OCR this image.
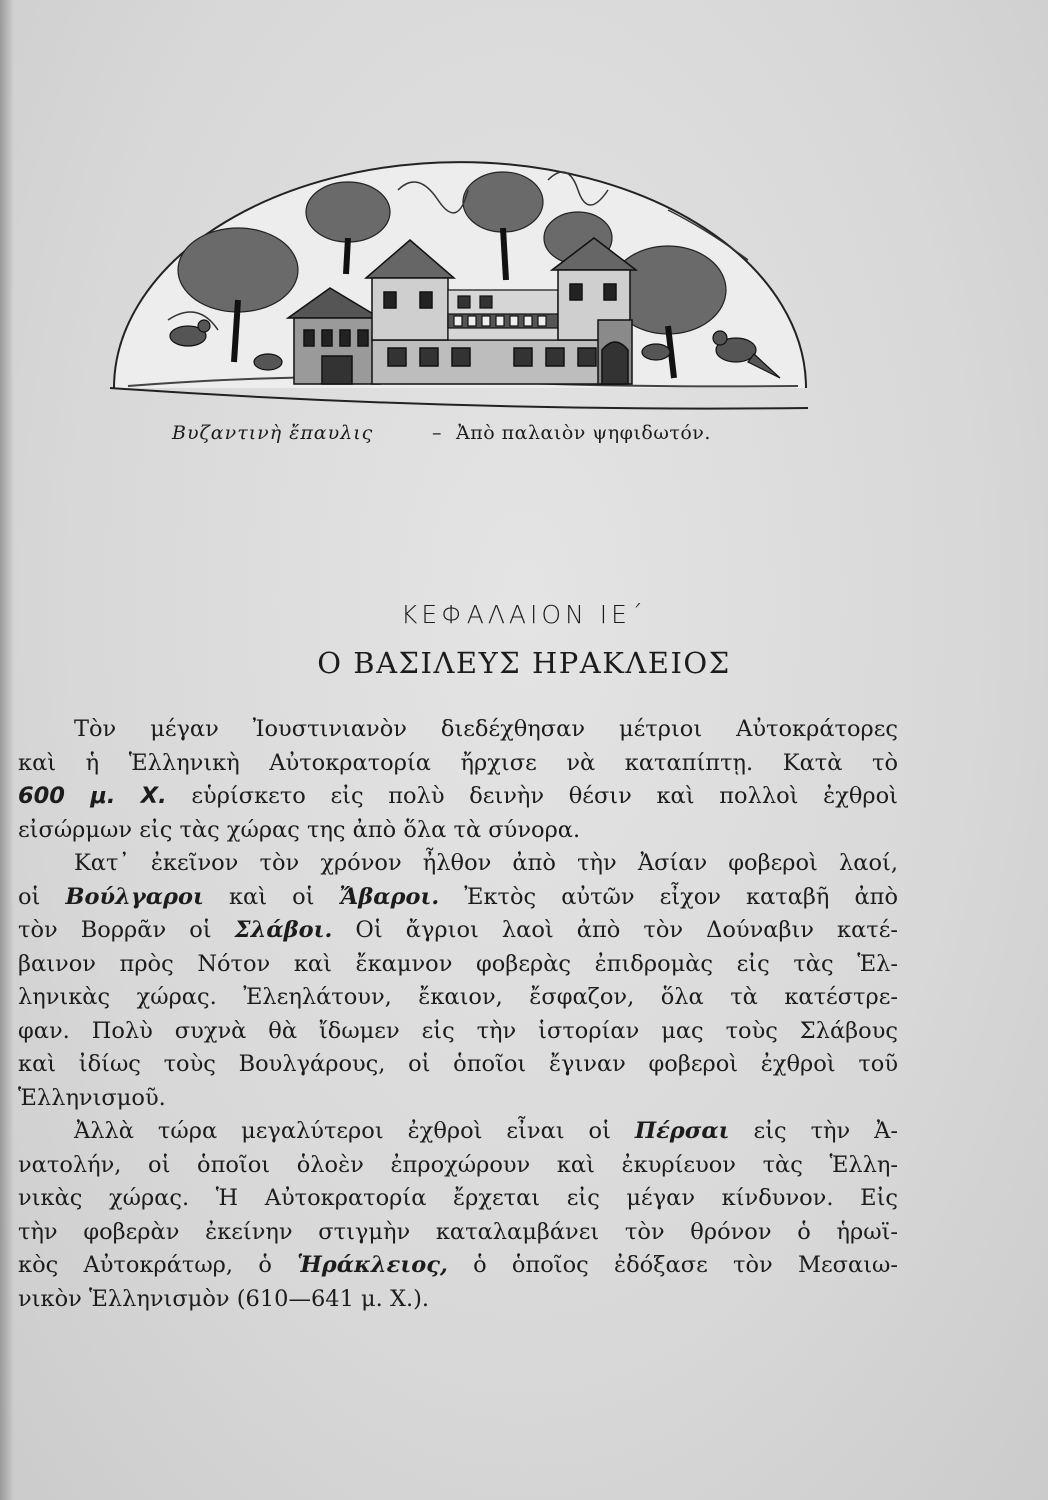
Βυζαντινὴ ἔπαυλις	– Ἀπὸ παλαιὸν ψηφιδωτόν.
ΚΕΦΑΛΑΙΟΝ ΙΕ΄
Ο ΒΑΣΙΛΕΥΣ ΗΡΑΚΛΕΙΟΣ
Τὸν μέγαν Ἰουστινιανὸν διεδέχθησαν μέτριοι Αὐτοκράτορες
καὶ ἡ Ἑλληνικὴ Αὐτοκρατορία ἤρχισε νὰ καταπίπτῃ. Κατὰ τὸ
600 μ. Χ. εὑρίσκετο εἰς πολὺ δεινὴν θέσιν καὶ πολλοὶ ἐχθροὶ
εἰσώρμων εἰς τὰς χώρας της ἀπὸ ὅλα τὰ σύνορα.
Κατ᾽ ἐκεῖνον τὸν χρόνον ἦλθον ἀπὸ τὴν Ἀσίαν φοβεροὶ λαοί,
οἱ Βούλγαροι καὶ οἱ Ἄβαροι. Ἐκτὸς αὐτῶν εἶχον καταβῆ ἀπὸ
τὸν Βορρᾶν οἱ Σλάβοι. Οἱ ἄγριοι λαοὶ ἀπὸ τὸν Δούναβιν κατέ-
βαινον πρὸς Νότον καὶ ἔκαμνον φοβερὰς ἐπιδρομὰς εἰς τὰς Ἑλ-
ληνικὰς χώρας. Ἐλεηλάτουν, ἔκαιον, ἔσφαζον, ὅλα τὰ κατέστρε-
φαν. Πολὺ συχνὰ θὰ ἴδωμεν εἰς τὴν ἱστορίαν μας τοὺς Σλάβους
καὶ ἰδίως τοὺς Βουλγάρους, οἱ ὁποῖοι ἔγιναν φοβεροὶ ἐχθροὶ τοῦ
Ἑλληνισμοῦ.
Ἀλλὰ τώρα μεγαλύτεροι ἐχθροὶ εἶναι οἱ Πέρσαι εἰς τὴν Ἀ-
νατολήν, οἱ ὁποῖοι ὁλοὲν ἐπροχώρουν καὶ ἐκυρίευον τὰς Ἑλλη-
νικὰς χώρας. Ἡ Αὐτοκρατορία ἔρχεται εἰς μέγαν κίνδυνον. Εἰς
τὴν φοβερὰν ἐκείνην στιγμὴν καταλαμβάνει τὸν θρόνον ὁ ἡρωϊ-
κὸς Αὐτοκράτωρ, ὁ Ἡράκλειος, ὁ ὁποῖος ἐδόξασε τὸν Μεσαιω-
νικὸν Ἑλληνισμὸν (610—641 μ. Χ.).
